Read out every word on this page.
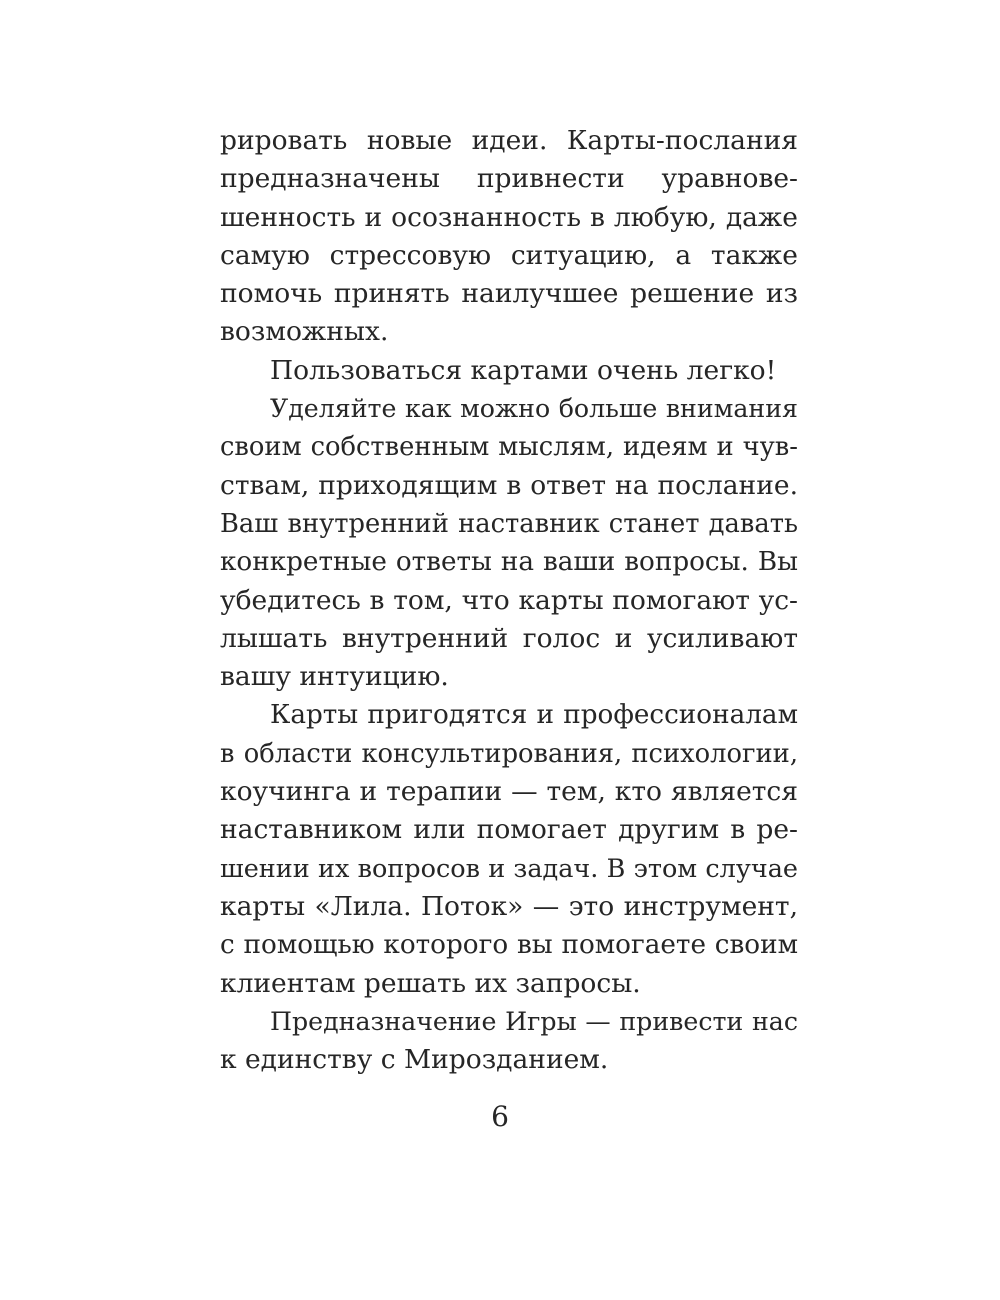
рировать новые идеи. Карты-послания
предназначены привнести уравнове-
шенность и осознанность в любую, даже
самую стрессовую ситуацию, а также
помочь принять наилучшее решение из
возможных.
Пользоваться картами очень легко!
Уделяйте как можно больше внимания
своим собственным мыслям, идеям и чув-
ствам, приходящим в ответ на послание.
Ваш внутренний наставник станет давать
конкретные ответы на ваши вопросы. Вы
убедитесь в том, что карты помогают ус-
лышать внутренний голос и усиливают
вашу интуицию.
Карты пригодятся и профессионалам
в области консультирования, психологии,
коучинга и терапии — тем, кто является
наставником или помогает другим в ре-
шении их вопросов и задач. В этом случае
карты «Лила. Поток» — это инструмент,
с помощью которого вы помогаете своим
клиентам решать их запросы.
Предназначение Игры — привести нас
к единству с Мирозданием.
6
